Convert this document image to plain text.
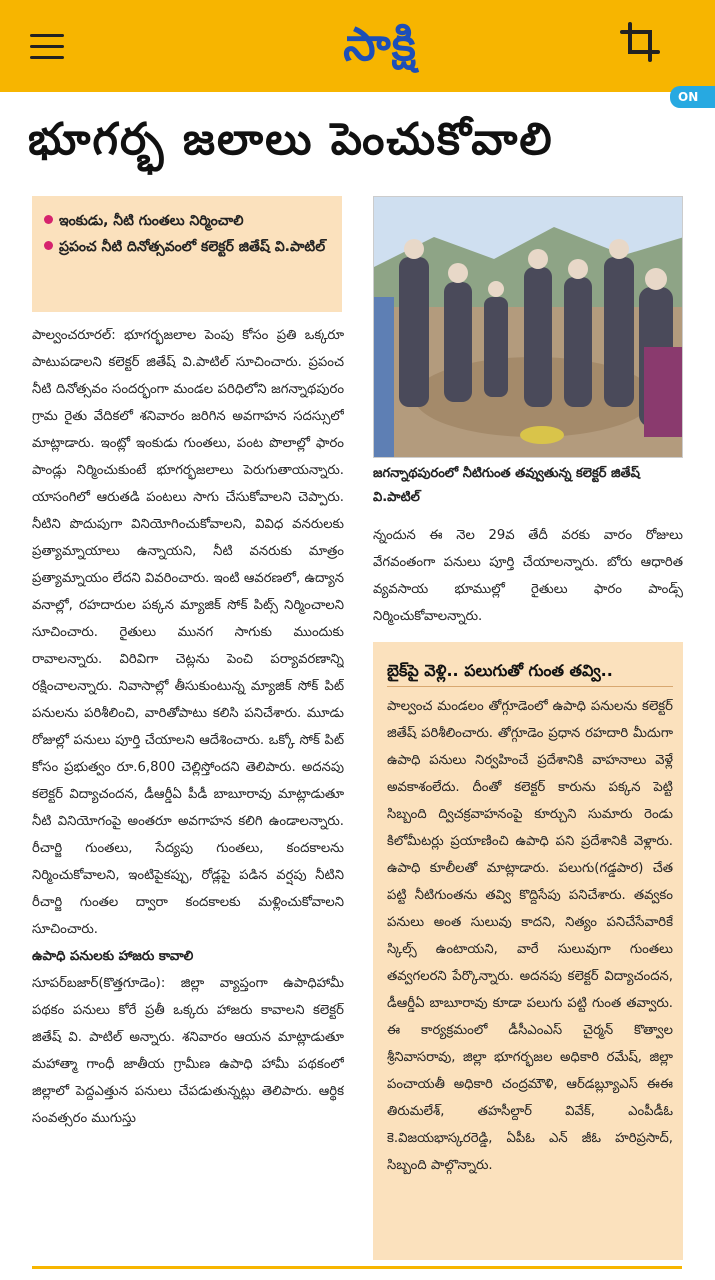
సాక్షి
ON
భూగర్భ జలాలు పెంచుకోవాలి
ఇంకుడు, నీటి గుంతలు నిర్మించాలి
ప్రపంచ నీటి దినోత్సవంలో కలెక్టర్ జితేష్ వి.పాటిల్
జగన్నాథపురంలో నీటిగుంత తవ్వుతున్న కలెక్టర్ జితేష్ వి.పాటిల్

పాల్వంచరూరల్: భూగర్భజలాల పెంపు కోసం ప్రతి ఒక్కరూ పాటుపడాలని కలెక్టర్ జితేష్ వి.పాటిల్ సూచించారు. ప్రపంచ నీటి దినోత్సవం సందర్భంగా మండల పరిధిలోని జగన్నాథపురం గ్రామ రైతు వేదికలో శనివారం జరిగిన అవగాహన సదస్సులో మాట్లాడారు. ఇంట్లో ఇంకుడు గుంతలు, పంట పొలాల్లో ఫారం పాండ్లు నిర్మించుకుంటే భూగర్భజలాలు పెరుగుతాయన్నారు. యాసంగిలో ఆరుతడి పంటలు సాగు చేసుకోవాలని చెప్పారు. నీటిని పొదుపుగా వినియోగించుకోవాలని, వివిధ వనరులకు ప్రత్యామ్నాయాలు ఉన్నాయని, నీటి వనరుకు మాత్రం ప్రత్యామ్నాయం లేదని వివరించారు. ఇంటి ఆవరణలో, ఉద్యాన వనాల్లో, రహదారుల పక్కన మ్యాజిక్ సోక్ పిట్స్ నిర్మించాలని సూచించారు. రైతులు మునగ సాగుకు ముందుకు రావాలన్నారు. విరివిగా చెట్లను పెంచి పర్యావరణాన్ని రక్షించాలన్నారు. నివాసాల్లో తీసుకుంటున్న మ్యాజిక్ సోక్ పిట్ పనులను పరిశీలించి, వారితోపాటు కలిసి పనిచేశారు. మూడు రోజుల్లో పనులు పూర్తి చేయాలని ఆదేశించారు. ఒక్కో సోక్ పిట్ కోసం ప్రభుత్వం రూ.6,800 చెల్లిస్తోందని తెలిపారు. అదనపు కలెక్టర్ విద్యాచందన, డీఆర్డీఏ పీడీ బాబూరావు మాట్లాడుతూ నీటి వినియోగంపై అంతరూ అవగాహన కలిగి ఉండాలన్నారు. రీచార్జి గుంతలు, సేద్యపు గుంతలు, కందకాలను నిర్మించుకోవాలని, ఇంటిపైకప్పు, రోడ్లపై పడిన వర్షపు నీటిని రీచార్జి గుంతల ద్వారా కందకాలకు మళ్లించుకోవాలని సూచించారు.

ఉపాధి పనులకు హాజరు కావాలి

సూపర్‌బజార్(కొత్తగూడెం): జిల్లా వ్యాప్తంగా ఉపాధిహామీ పథకం పనులు కోరే ప్రతీ ఒక్కరు హాజరు కావాలని కలెక్టర్ జితేష్ వి. పాటిల్ అన్నారు. శనివారం ఆయన మాట్లాడుతూ మహాత్మా గాంధీ జాతీయ గ్రామీణ ఉపాధి హామీ పథకంలో జిల్లాలో పెద్దఎత్తున పనులు చేపడుతున్నట్లు తెలిపారు. ఆర్థిక సంవత్సరం ముగుస్తు

న్నందున ఈ నెల 29వ తేదీ వరకు వారం రోజులు వేగవంతంగా పనులు పూర్తి చేయాలన్నారు. బోరు ఆధారిత వ్యవసాయ భూముల్లో రైతులు ఫారం పాండ్స్ నిర్మించుకోవాలన్నారు.

బైక్‌పై వెళ్లి.. పలుగుతో గుంత తవ్వి..

పాల్వంచ మండలం తోగ్గూడెంలో ఉపాధి పనులను కలెక్టర్ జితేష్ పరిశీలించారు. తోగ్గూడెం ప్రధాన రహదారి మీదుగా ఉపాధి పనులు నిర్వహించే ప్రదేశానికి వాహనాలు వెళ్లే అవకాశంలేదు. దీంతో కలెక్టర్ కారును పక్కన పెట్టి సిబ్బంది ద్విచక్రవాహనంపై కూర్చుని సుమారు రెండు కిలోమీటర్లు ప్రయాణించి ఉపాధి పని ప్రదేశానికి వెళ్లారు. ఉపాధి కూలీలతో మాట్లాడారు. పలుగు(గడ్డపార) చేత పట్టి నీటిగుంతను తవ్వి కొద్దిసేపు పనిచేశారు. తవ్వకం పనులు అంత సులువు కాదని, నిత్యం పనిచేసేవారికే స్కిల్స్ ఉంటాయని, వారే సులువుగా గుంతలు తవ్వగలరని పేర్కొన్నారు. అదనపు కలెక్టర్ విద్యాచందన, డీఆర్డీఏ బాబూరావు కూడా పలుగు పట్టి గుంత తవ్వారు. ఈ కార్యక్రమంలో డీసీఎంఎస్ చైర్మన్ కొత్వాల శ్రీనివాసరావు, జిల్లా భూగర్భజల అధికారి రమేష్, జిల్లా పంచాయతీ అధికారి చంద్రమౌళి, ఆర్‌డబ్ల్యూఎస్ ఈఈ తిరుమలేశ్, తహసీల్దార్ వివేక్, ఎంపీడీఓ కె.విజయభాస్కరరెడ్డి, ఏపీఓ ఎన్ జీఓ హరిప్రసాద్, సిబ్బంది పాల్గొన్నారు.
